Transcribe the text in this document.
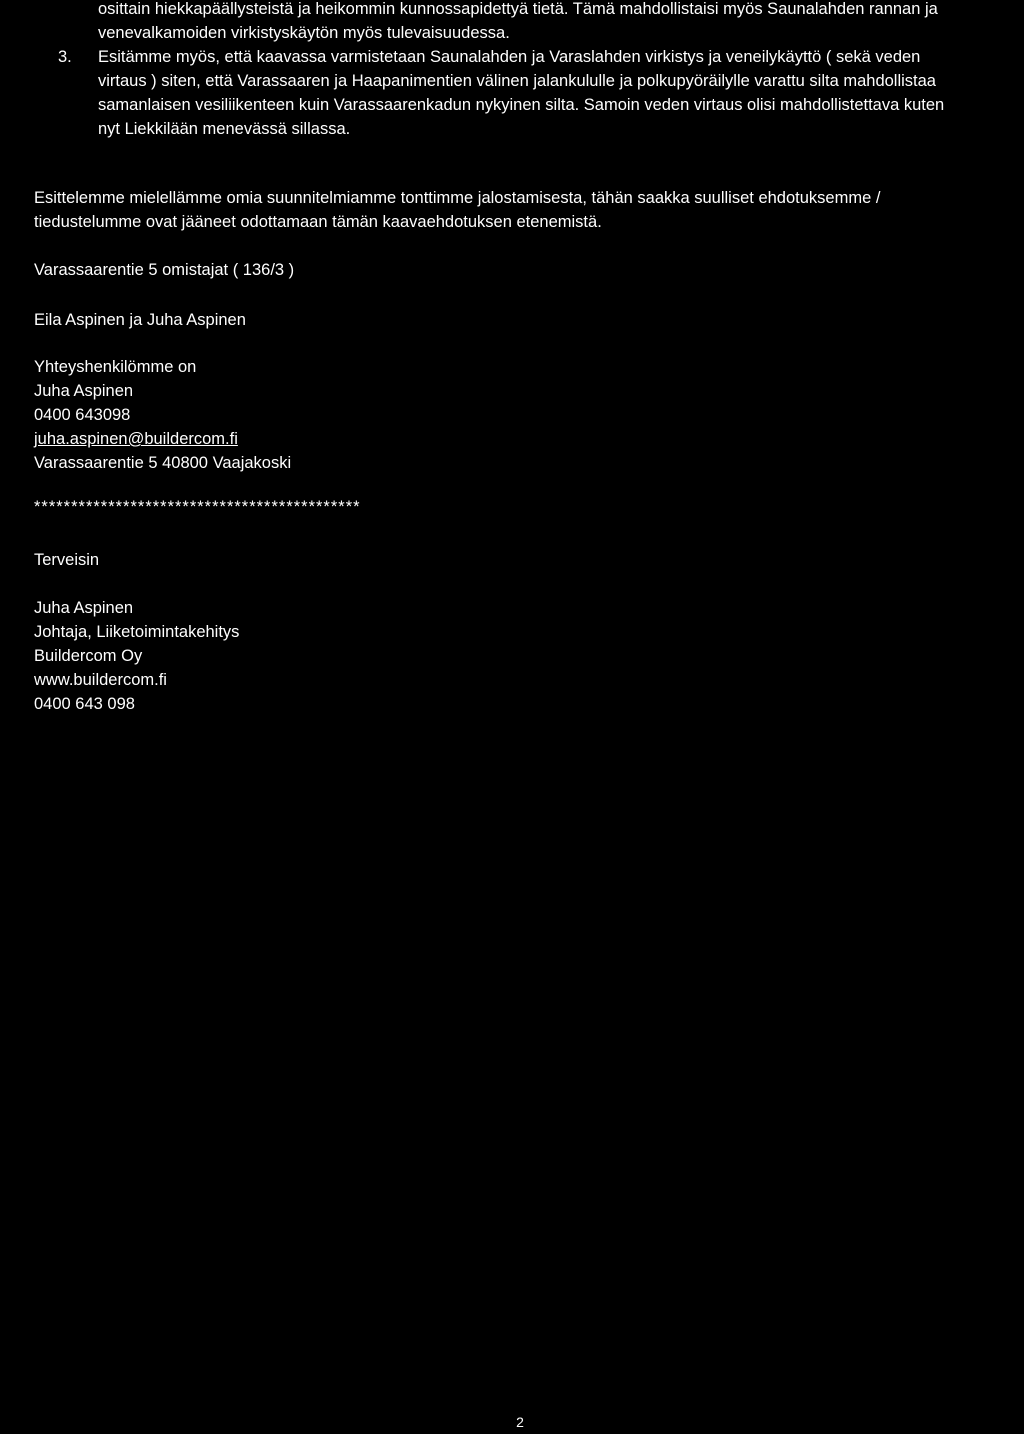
osittain hiekkapäällysteistä ja heikommin kunnossapidettyä tietä. Tämä mahdollistaisi myös Saunalahden rannan ja
venevalkamoiden virkistyskäytön myös tulevaisuudessa.
3. Esitämme myös, että kaavassa varmistetaan Saunalahden ja Varaslahden virkistys ja veneilykäyttö ( sekä veden
virtaus ) siten, että Varassaaren ja Haapanimentien välinen jalankululle ja polkupyöräilylle varattu silta mahdollistaa
samanlaisen vesiliikenteen kuin Varassaarenkadun nykyinen silta. Samoin veden virtaus olisi mahdollistettava kuten
nyt Liekkilään menevässä sillassa.
Esittelemme mielellämme omia suunnitelmiamme tonttimme jalostamisesta, tähän saakka suulliset ehdotuksemme /
tiedustelumme ovat jääneet odottamaan tämän kaavaehdotuksen etenemistä.
Varassaarentie 5 omistajat ( 136/3 )
Eila Aspinen ja Juha Aspinen
Yhteyshenkilömme on
Juha Aspinen
0400 643098
juha.aspinen@buildercom.fi
Varassaarentie 5 40800 Vaajakoski
********************************************
Terveisin
Juha Aspinen
Johtaja, Liiketoimintakehitys
Buildercom Oy
www.buildercom.fi
0400 643 098
2
